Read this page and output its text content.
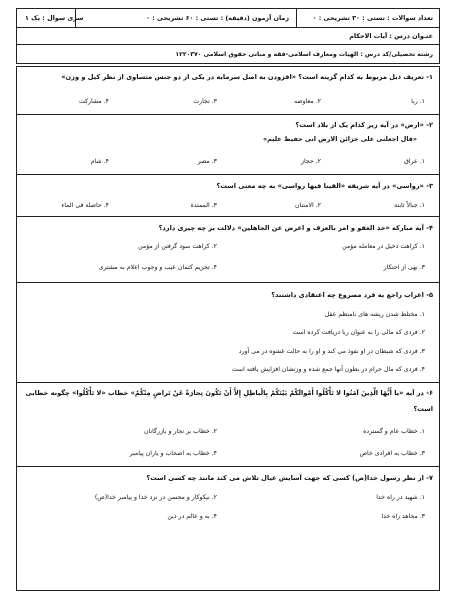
تعداد سوالات : تستی : ۳۰ تشریحی : ۰
زمان آزمون (دقیقه) : تستی : ۶۰ تشریحی : ۰
سری سوال : یک ۱
عنـوان درس : آیات الاحکام
رشته تحصیلی/کد درس : الهیات ومعارف اسلامی-فقه و مبانی حقوق اسلامی ۱۲۲۰۳۷۰
۱- تعریف ذیل مربوط به کدام گزینه است؟ «افزودن به اصل سرمایه در یکی از دو جنس متساوی از نظر کیل و وزن»
۱. ربا
۲. معاوضه
۳. تجارت
۴. مشارکت
۲- «ارض» در آیه زیر کدام یک از بلاد است؟
«قال اجعلنی علی خزائن الارض انی حفیظ علیم»
۱. عراق
۲. حجاز
۳. مصر
۴. شام
۳- «رواسی» در آیه شریفه «القینا فیها رواسی» به چه معنی است؟
۱. جبالاً ثابتة
۲. الامتنان
۳. الممتدة
۴. حاصلة فی الماء
۴- آیه مبارکه «خذ العفو و امر بالعرف و اعرض عن الجاهلین» دلالت بر چه چیزی دارد؟
۱. کراهت دخیل در معامله مؤمن
۲. کراهت سود گرفتن از مؤمن
۳. نهی از احتکار
۴. تحریم کتمان عیب و وجوب اعلام به مشتری
۵- اعراب راجع به فرد مصروع چه اعتقادی داشتند؟
۱. مختلط شدن ریشه های نامنظم عقل
۲. فردی که مالی را به عنوان ربا دریافت کرده است
۳. فردی که شیطان در او نفوذ می کند و او را به حالت غشوه در می آورد
۴. فردی که مال حرام در بطون آنها جمع شده و وزنشان افزایش یافته است
۶- در آیه «یا أَیُّهَا الَّذِینَ آمَنُوا لا تَأْکُلُوا أَمْوالَکُمْ بَیْنَکُمْ بِالْباطِلِ إِلاَّ أَنْ تَکُونَ تِجارَةً عَنْ تَراضٍ مِنْکُمْ» خطاب «لا تَأْکُلُوا» چگونه خطابی است؟
۱. خطاب عام و گسترده
۲. خطاب بر تجار و بازرگانان
۳. خطاب به افرادی خاص
۴. خطاب به اصحاب و یاران پیامبر
۷- از نظر رسول خدا(ص) کسی که جهت آسایش عیال تلاش می کند مانند چه کسی است؟
۱. شهید در راه خدا
۲. نیکوکار و محسن در نزد خدا و پیامبر خدا(ص)
۳. مجاهد راه خدا
۴. به و عالم در دین
